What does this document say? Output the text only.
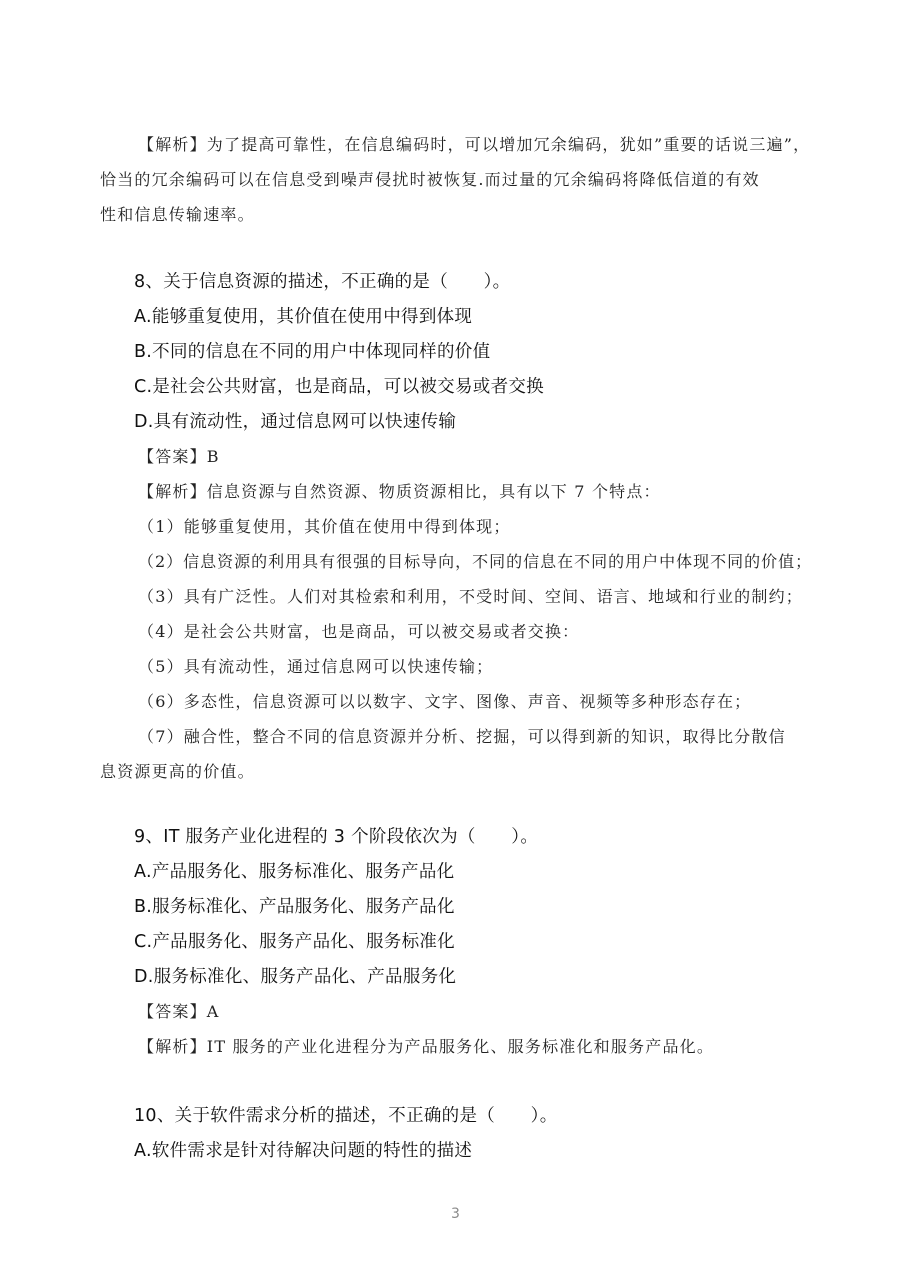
【解析】为了提高可靠性，在信息编码时，可以增加冗余编码，犹如”重要的话说三遍”，
恰当的冗余编码可以在信息受到噪声侵扰时被恢复.而过量的冗余编码将降低信道的有效
性和信息传输速率。
8、关于信息资源的描述，不正确的是（　　）。
A.能够重复使用，其价值在使用中得到体现
B.不同的信息在不同的用户中体现同样的价值
C.是社会公共财富，也是商品，可以被交易或者交换
D.具有流动性，通过信息网可以快速传输
【答案】B
【解析】信息资源与自然资源、物质资源相比，具有以下 7 个特点：
（1）能够重复使用，其价值在使用中得到体现；
（2）信息资源的利用具有很强的目标导向，不同的信息在不同的用户中体现不同的价值；
（3）具有广泛性。人们对其检索和利用，不受时间、空间、语言、地域和行业的制约；
（4）是社会公共财富，也是商品，可以被交易或者交换：
（5）具有流动性，通过信息网可以快速传输；
（6）多态性，信息资源可以以数字、文字、图像、声音、视频等多种形态存在；
（7）融合性，整合不同的信息资源并分析、挖掘，可以得到新的知识，取得比分散信
息资源更高的价值。
9、IT 服务产业化进程的 3 个阶段依次为（　　）。
A.产品服务化、服务标准化、服务产品化
B.服务标准化、产品服务化、服务产品化
C.产品服务化、服务产品化、服务标准化
D.服务标准化、服务产品化、产品服务化
【答案】A
【解析】IT 服务的产业化进程分为产品服务化、服务标准化和服务产品化。
10、关于软件需求分析的描述，不正确的是（　　）。
A.软件需求是针对待解决问题的特性的描述
3
